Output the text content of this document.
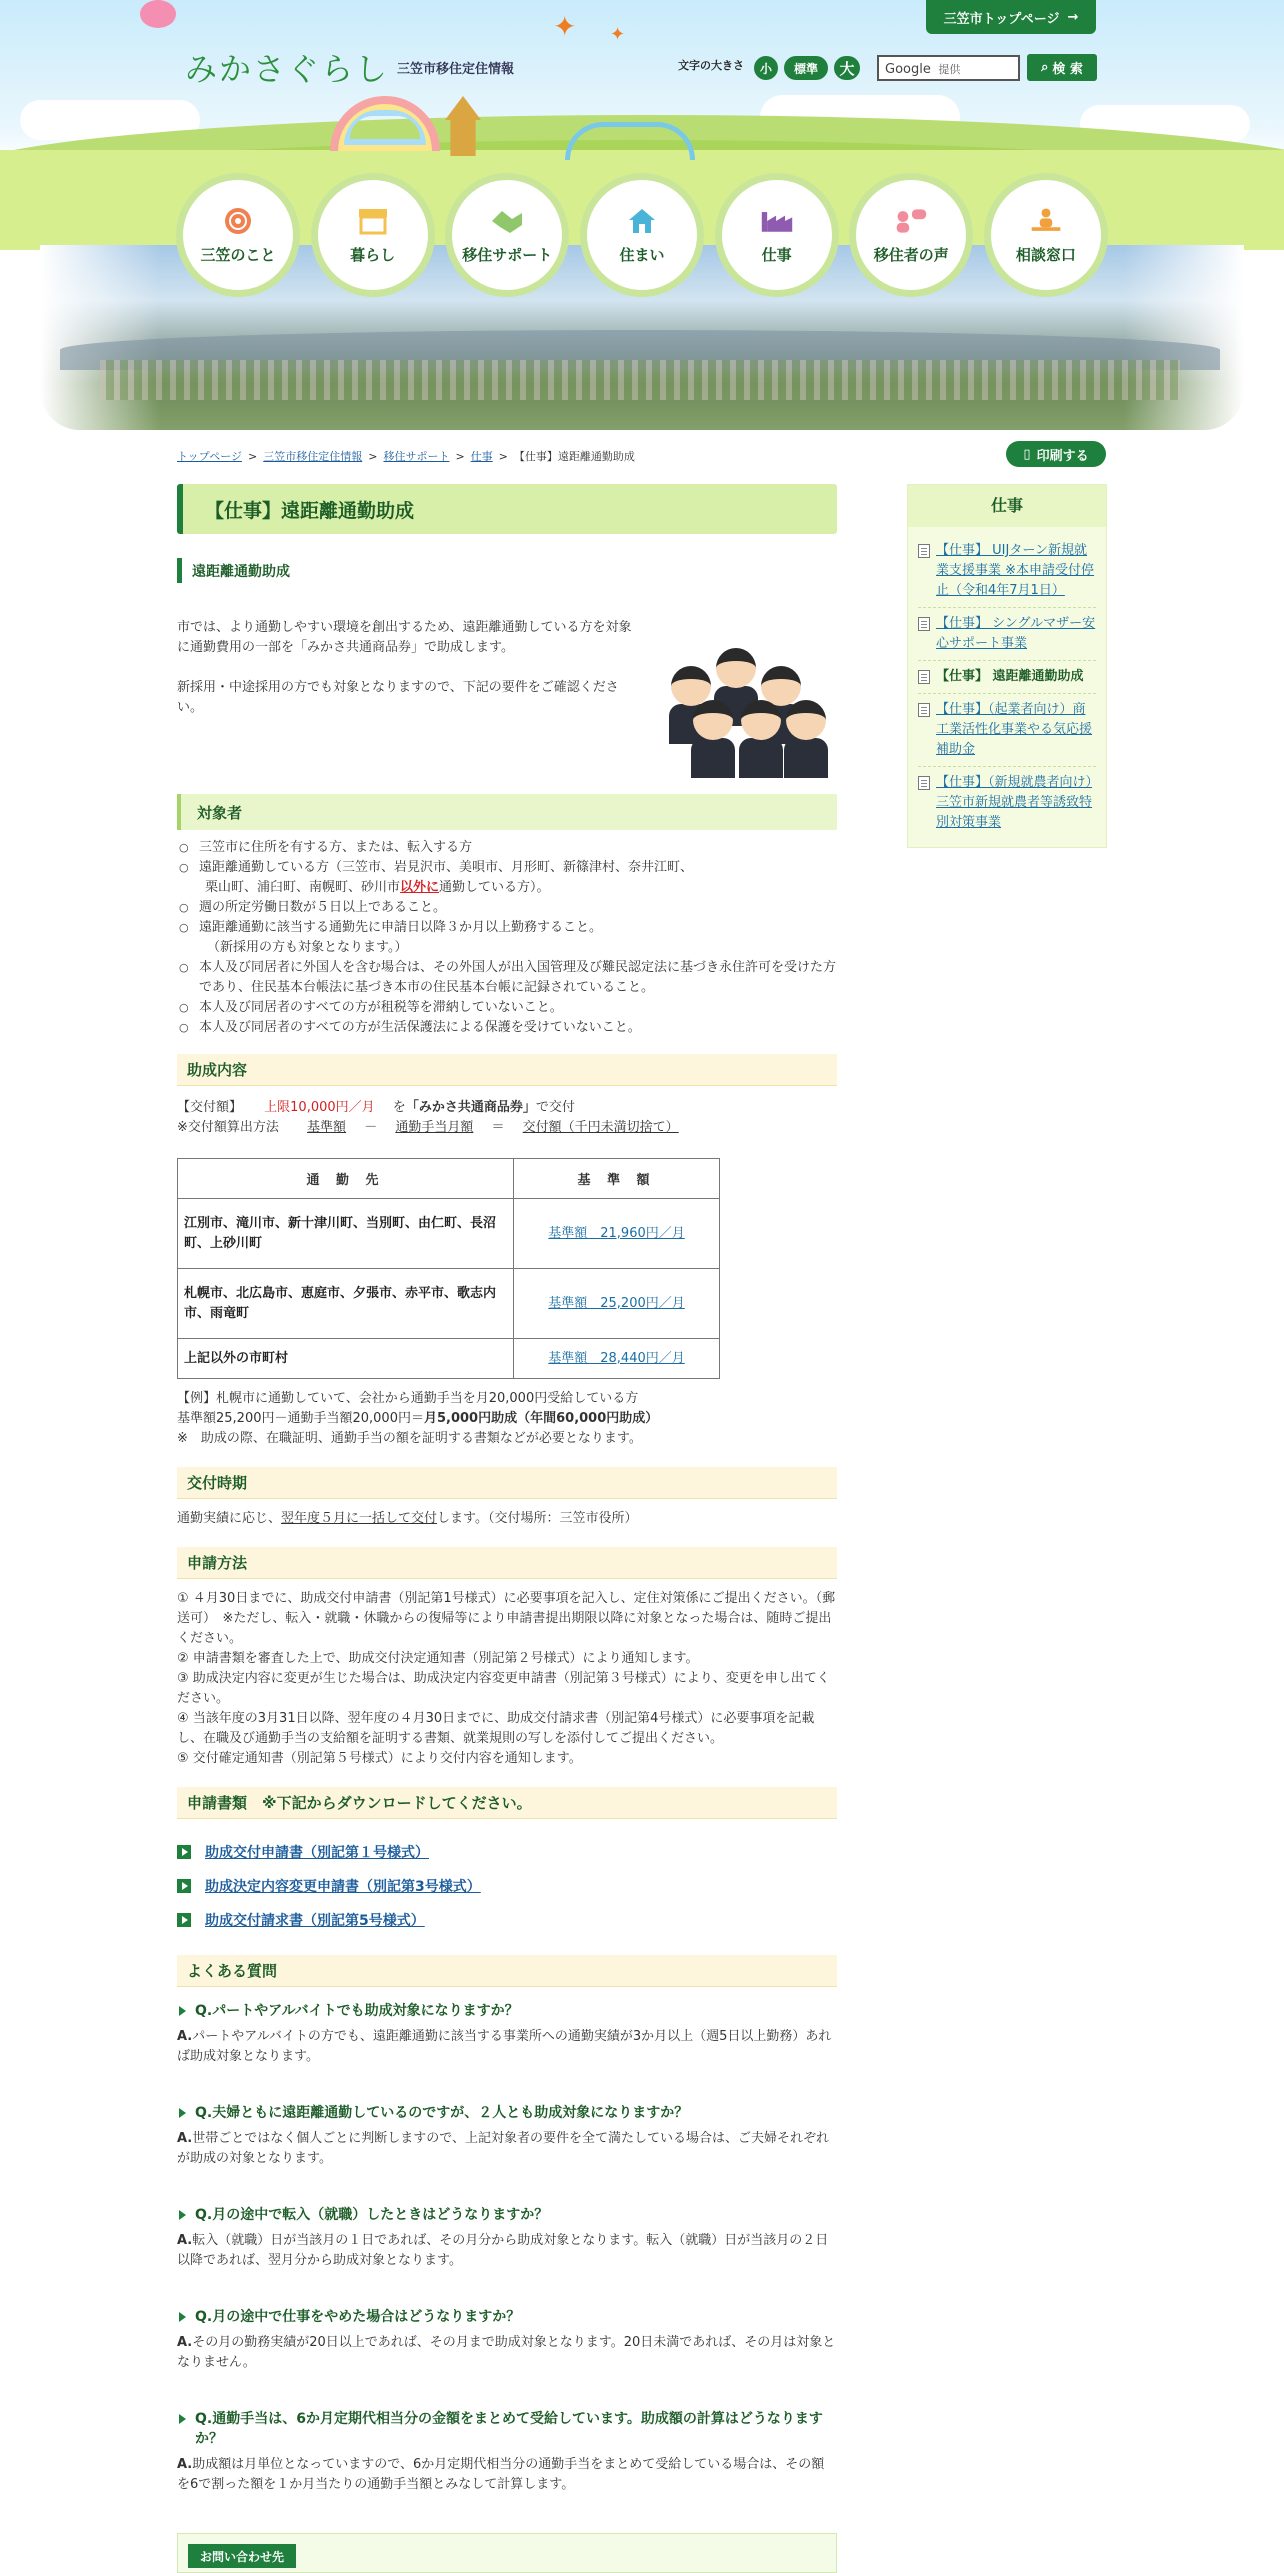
✦ ✦
みかさぐらし 三笠市移住定住情報
三笠市トップページ →
文字の大きさ	小	標準	大	Google 提供	⌕ 検 索
三笠のこと	暮らし	移住サポート	住まい	仕事	移住者の声	相談窓口
トップページ > 三笠市移住定住情報 > 移住サポート > 仕事 > 【仕事】遠距離通勤助成	▯ 印刷する
【仕事】遠距離通勤助成
遠距離通勤助成

市では、より通勤しやすい環境を創出するため、遠距離通勤している方を対象に通勤費用の一部を「みかさ共通商品券」で助成します。

新採用・中途採用の方でも対象となりますので、下記の要件をご確認ください。

対象者
○ 三笠市に住所を有する方、または、転入する方
○ 遠距離通勤している方（三笠市、岩見沢市、美唄市、月形町、新篠津村、奈井江町、
栗山町、浦臼町、南幌町、砂川市以外に通勤している方）。
○ 週の所定労働日数が５日以上であること。
○ 遠距離通勤に該当する通勤先に申請日以降３か月以上勤務すること。
（新採用の方も対象となります。）
○ 本人及び同居者に外国人を含む場合は、その外国人が出入国管理及び難民認定法に基づき永住許可を受けた方であり、住民基本台帳法に基づき本市の住民基本台帳に記録されていること。
○ 本人及び同居者のすべての方が租税等を滞納していないこと。
○ 本人及び同居者のすべての方が生活保護法による保護を受けていないこと。
助成内容
【交付額】 上限10,000円／月 を「みかさ共通商品券」で交付
※交付額算出方法 基準額 － 通勤手当月額 ＝ 交付額（千円未満切捨て）
通 勤 先	基 準 額
江別市、滝川市、新十津川町、当別町、由仁町、長沼町、上砂川町	基準額　21,960円／月
札幌市、北広島市、恵庭市、夕張市、赤平市、歌志内市、雨竜町	基準額　25,200円／月
上記以外の市町村	基準額　28,440円／月
【例】札幌市に通勤していて、会社から通勤手当を月20,000円受給している方
基準額25,200円－通勤手当額20,000円＝月5,000円助成（年間60,000円助成）
※　助成の際、在職証明、通勤手当の額を証明する書類などが必要となります。
交付時期
通勤実績に応じ、翌年度５月に一括して交付します。（交付場所：三笠市役所）
申請方法
① ４月30日までに、助成交付申請書（別記第1号様式）に必要事項を記入し、定住対策係にご提出ください。（郵送可）　※ただし、転入・就職・休職からの復帰等により申請書提出期限以降に対象となった場合は、随時ご提出ください。
② 申請書類を審査した上で、助成交付決定通知書（別記第２号様式）により通知します。
③ 助成決定内容に変更が生じた場合は、助成決定内容変更申請書（別記第３号様式）により、変更を申し出てください。
④ 当該年度の3月31日以降、翌年度の４月30日までに、助成交付請求書（別記第4号様式）に必要事項を記載し、在職及び通勤手当の支給額を証明する書類、就業規則の写しを添付してご提出ください。
⑤ 交付確定通知書（別記第５号様式）により交付内容を通知します。
申請書類　※下記からダウンロードしてください。
助成交付申請書（別記第１号様式）
助成決定内容変更申請書（別記第3号様式）
助成交付請求書（別記第5号様式）
よくある質問
Q.パートやアルバイトでも助成対象になりますか？
A.パートやアルバイトの方でも、遠距離通勤に該当する事業所への通勤実績が3か月以上（週5日以上勤務）あれば助成対象となります。
Q.夫婦ともに遠距離通勤しているのですが、２人とも助成対象になりますか？
A.世帯ごとではなく個人ごとに判断しますので、上記対象者の要件を全て満たしている場合は、ご夫婦それぞれが助成の対象となります。
Q.月の途中で転入（就職）したときはどうなりますか？
A.転入（就職）日が当該月の１日であれば、その月分から助成対象となります。転入（就職）日が当該月の２日以降であれば、翌月分から助成対象となります。
Q.月の途中で仕事をやめた場合はどうなりますか？
A.その月の勤務実績が20日以上であれば、その月まで助成対象となります。20日未満であれば、その月は対象となりません。
Q.通勤手当は、6か月定期代相当分の金額をまとめて受給しています。助成額の計算はどうなりますか？
A.助成額は月単位となっていますので、6か月定期代相当分の通勤手当をまとめて受給している場合は、その額を6で割った額を１か月当たりの通勤手当額とみなして計算します。
お問い合わせ先
仕事
【仕事】 UIJターン新規就業支援事業 ※本申請受付停止（令和4年7月1日）
【仕事】 シングルマザー安心サポート事業
【仕事】 遠距離通勤助成
【仕事】（起業者向け）商工業活性化事業やる気応援補助金
【仕事】（新規就農者向け）三笠市新規就農者等誘致特別対策事業
